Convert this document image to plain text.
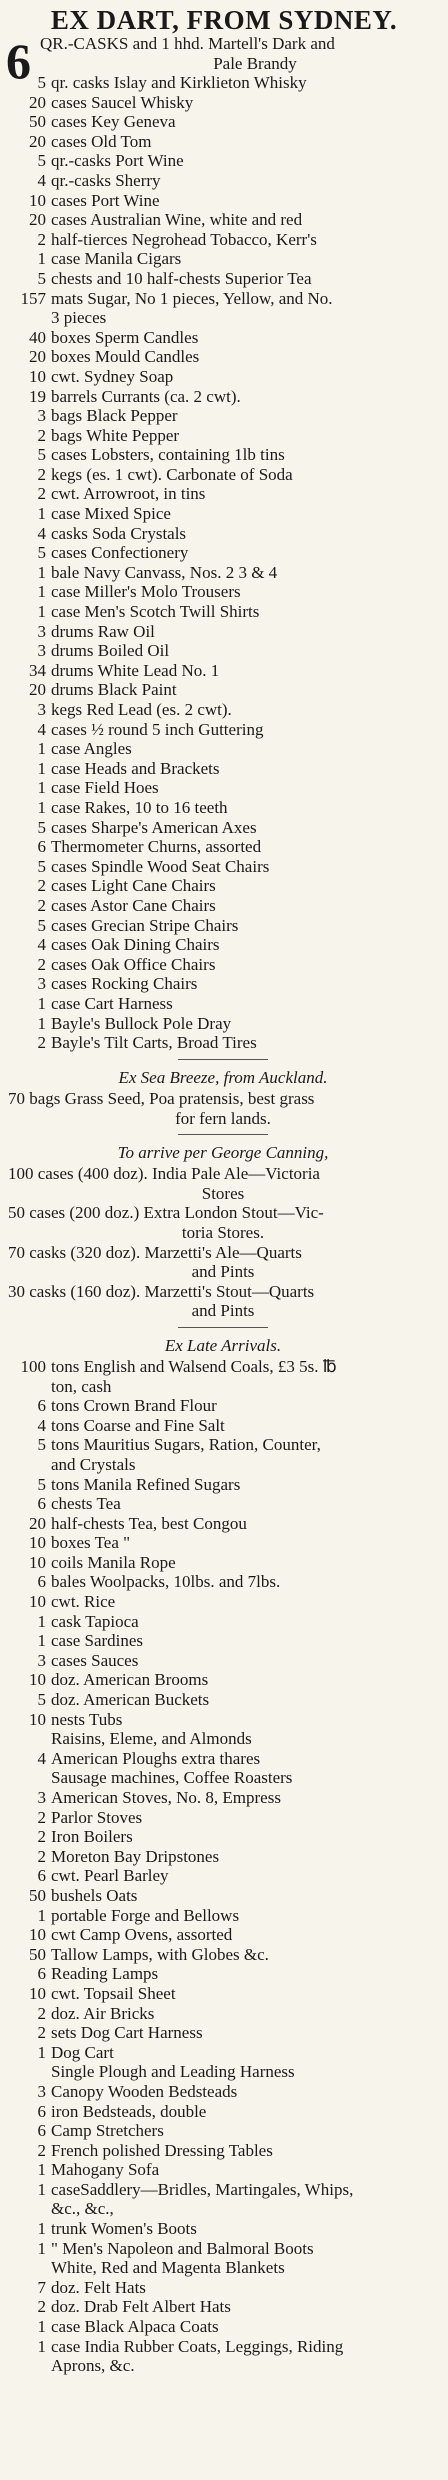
EX DART, FROM SYDNEY.
6 QR.-CASKS and 1 hhd. Martell's Dark and
Pale Brandy
5 qr. casks Islay and Kirklieton Whisky
20 cases Saucel Whisky
50 cases Key Geneva
20 cases Old Tom
5 qr.-casks Port Wine
4 qr.-casks Sherry
10 cases Port Wine
20 cases Australian Wine, white and red
2 half-tierces Negrohead Tobacco, Kerr's
1 case Manila Cigars
5 chests and 10 half-chests Superior Tea
157 mats Sugar, No 1 pieces, Yellow, and No.
3 pieces
40 boxes Sperm Candles
20 boxes Mould Candles
10 cwt. Sydney Soap
19 barrels Currants (ca. 2 cwt).
3 bags Black Pepper
2 bags White Pepper
5 cases Lobsters, containing 1lb tins
2 kegs (es. 1 cwt). Carbonate of Soda
2 cwt. Arrowroot, in tins
1 case Mixed Spice
4 casks Soda Crystals
5 cases Confectionery
1 bale Navy Canvass, Nos. 2 3 & 4
1 case Miller's Molo Trousers
1 case Men's Scotch Twill Shirts
3 drums Raw Oil
3 drums Boiled Oil
34 drums White Lead No. 1
20 drums Black Paint
3 kegs Red Lead (es. 2 cwt).
4 cases ½ round 5 inch Guttering
1 case Angles
1 case Heads and Brackets
1 case Field Hoes
1 case Rakes, 10 to 16 teeth
5 cases Sharpe's American Axes
6 Thermometer Churns, assorted
5 cases Spindle Wood Seat Chairs
2 cases Light Cane Chairs
2 cases Astor Cane Chairs
5 cases Grecian Stripe Chairs
4 cases Oak Dining Chairs
2 cases Oak Office Chairs
3 cases Rocking Chairs
1 case Cart Harness
1 Bayle's Bullock Pole Dray
2 Bayle's Tilt Carts, Broad Tires
Ex Sea Breeze, from Auckland.
70 bags Grass Seed, Poa pratensis, best grass
for fern lands.
To arrive per George Canning,
100 cases (400 doz). India Pale Ale—Victoria
Stores
50 cases (200 doz.) Extra London Stout—Vic-
toria Stores.
70 casks (320 doz). Marzetti's Ale—Quarts
and Pints
30 casks (160 doz). Marzetti's Stout—Quarts
and Pints
Ex Late Arrivals.
100 tons English and Walsend Coals, £3 5s. ℔
ton, cash
6 tons Crown Brand Flour
4 tons Coarse and Fine Salt
5 tons Mauritius Sugars, Ration, Counter,
and Crystals
5 tons Manila Refined Sugars
6 chests Tea
20 half-chests Tea, best Congou
10 boxes Tea "
10 coils Manila Rope
6 bales Woolpacks, 10lbs. and 7lbs.
10 cwt. Rice
1 cask Tapioca
1 case Sardines
3 cases Sauces
10 doz. American Brooms
5 doz. American Buckets
10 nests Tubs
Raisins, Eleme, and Almonds
4 American Ploughs extra thares
Sausage machines, Coffee Roasters
3 American Stoves, No. 8, Empress
2 Parlor Stoves
2 Iron Boilers
2 Moreton Bay Dripstones
6 cwt. Pearl Barley
50 bushels Oats
1 portable Forge and Bellows
10 cwt Camp Ovens, assorted
50 Tallow Lamps, with Globes &c.
6 Reading Lamps
10 cwt. Topsail Sheet
2 doz. Air Bricks
2 sets Dog Cart Harness
1 Dog Cart
Single Plough and Leading Harness
3 Canopy Wooden Bedsteads
6 iron Bedsteads, double
6 Camp Stretchers
2 French polished Dressing Tables
1 Mahogany Sofa
1 caseSaddlery—Bridles, Martingales, Whips,
&c., &c.,
1 trunk Women's Boots
1 " Men's Napoleon and Balmoral Boots
White, Red and Magenta Blankets
7 doz. Felt Hats
2 doz. Drab Felt Albert Hats
1 case Black Alpaca Coats
1 case India Rubber Coats, Leggings, Riding
Aprons, &c.
